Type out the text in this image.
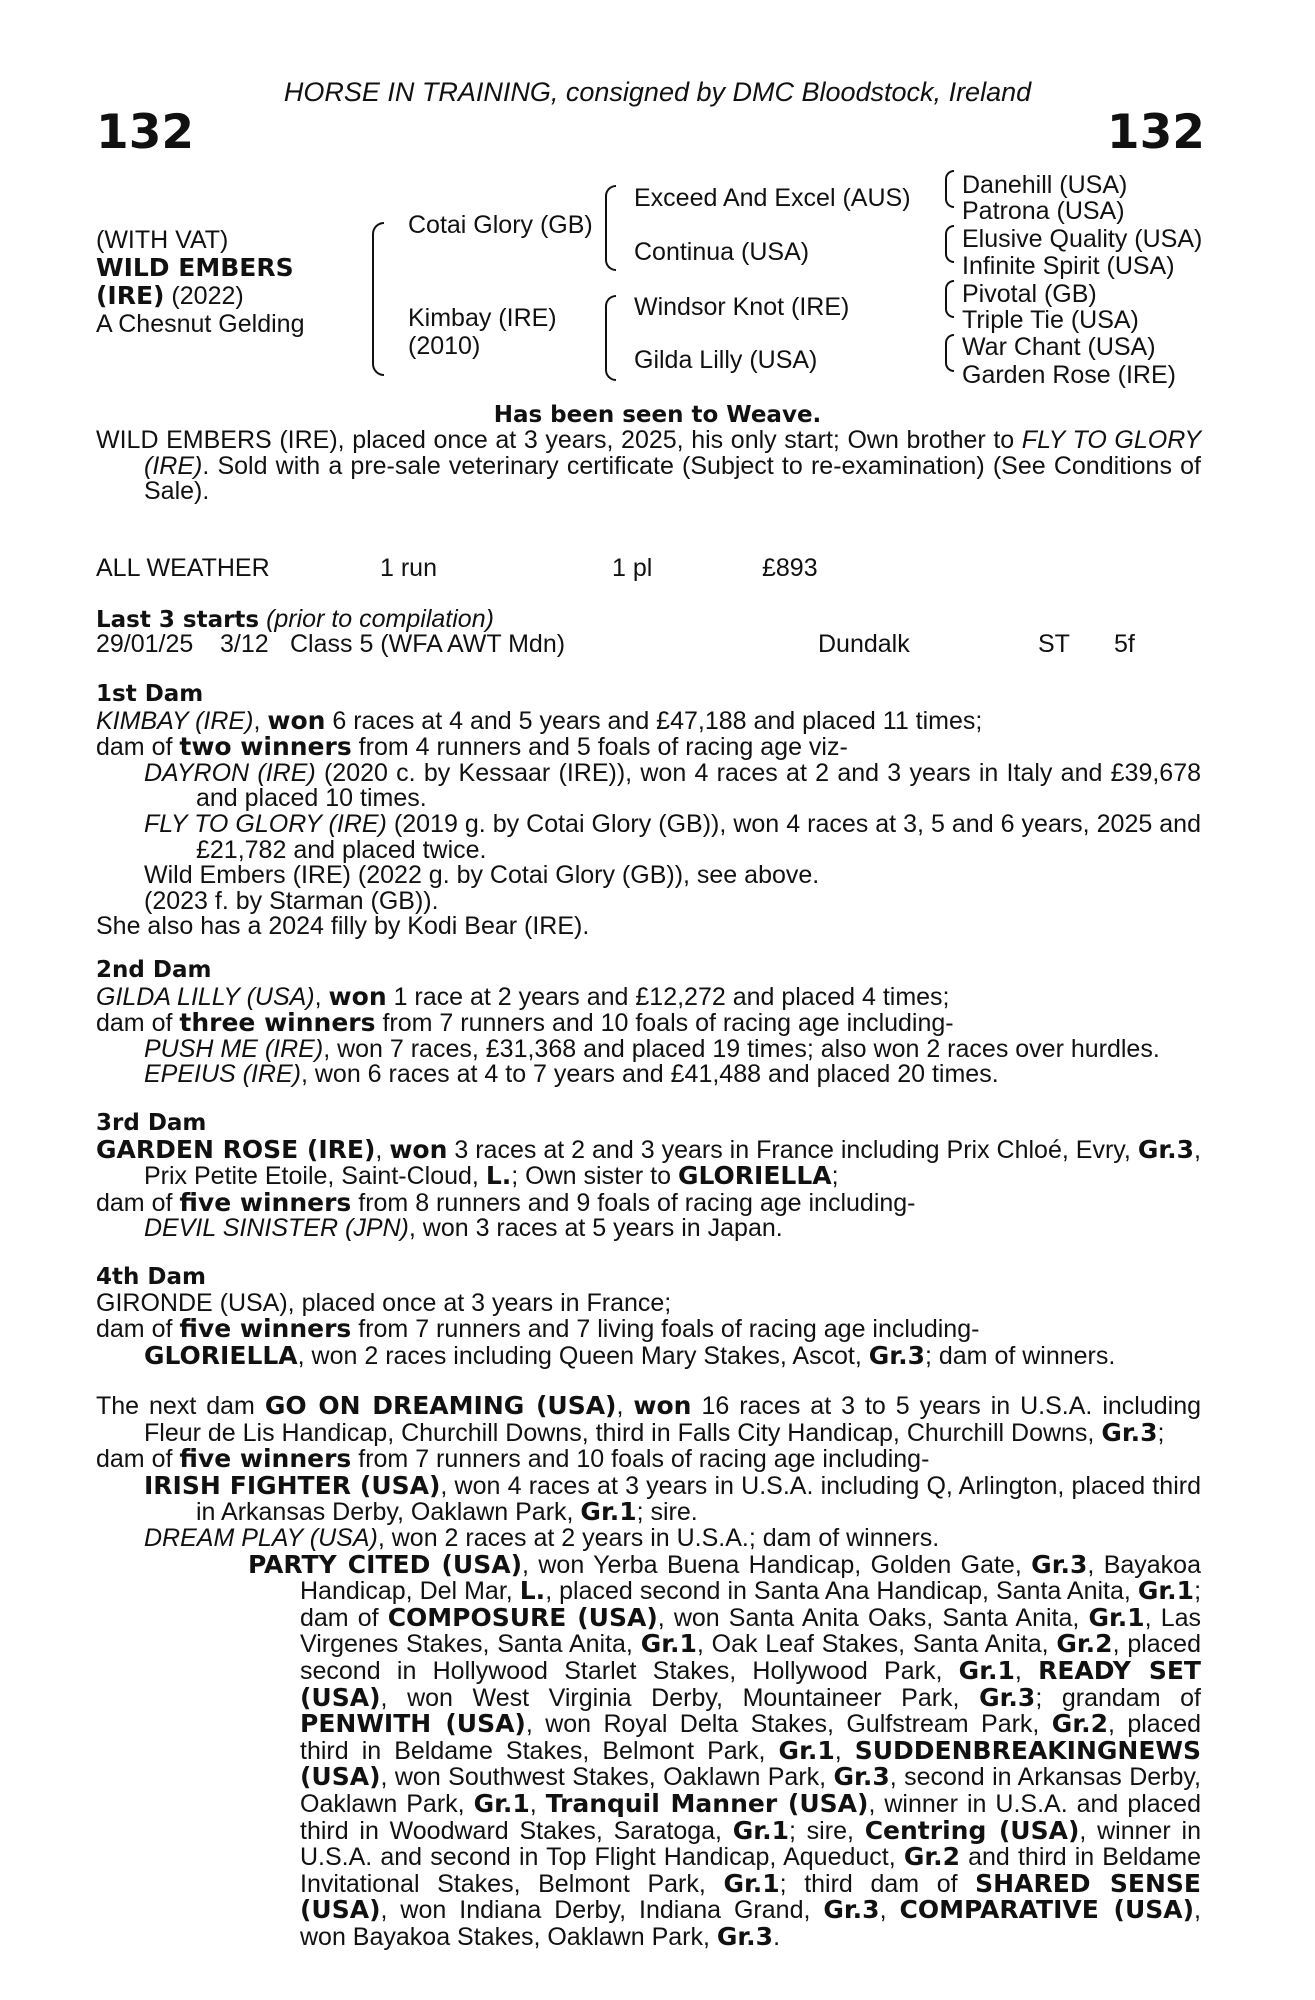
132	132
HORSE IN TRAINING, consigned by DMC Bloodstock, Ireland
(WITH VAT)
WILD EMBERS
(IRE) (2022)
A Chesnut Gelding
Cotai Glory (GB)
Kimbay (IRE)
(2010)
Exceed And Excel (AUS)
Continua (USA)
Windsor Knot (IRE)
Gilda Lilly (USA)
Danehill (USA)
Patrona (USA)
Elusive Quality (USA)
Infinite Spirit (USA)
Pivotal (GB)
Triple Tie (USA)
War Chant (USA)
Garden Rose (IRE)
Has been seen to Weave.

WILD EMBERS (IRE), placed once at 3 years, 2025, his only start; Own brother to FLY TO GLORY (IRE). Sold with a pre-sale veterinary certificate (Subject to re-examination) (See Conditions of Sale).

ALL WEATHER	1 run	1 pl	£893
Last 3 starts (prior to compilation)
29/01/25 3/12 Class 5 (WFA AWT Mdn)	Dundalk	ST 5f
1st Dam

KIMBAY (IRE), won 6 races at 4 and 5 years and £47,188 and placed 11 times;

dam of two winners from 4 runners and 5 foals of racing age viz-

DAYRON (IRE) (2020 c. by Kessaar (IRE)), won 4 races at 2 and 3 years in Italy and £39,678 and placed 10 times.

FLY TO GLORY (IRE) (2019 g. by Cotai Glory (GB)), won 4 races at 3, 5 and 6 years, 2025 and £21,782 and placed twice.

Wild Embers (IRE) (2022 g. by Cotai Glory (GB)), see above.

(2023 f. by Starman (GB)).

She also has a 2024 filly by Kodi Bear (IRE).

2nd Dam

GILDA LILLY (USA), won 1 race at 2 years and £12,272 and placed 4 times;

dam of three winners from 7 runners and 10 foals of racing age including-

PUSH ME (IRE), won 7 races, £31,368 and placed 19 times; also won 2 races over hurdles.

EPEIUS (IRE), won 6 races at 4 to 7 years and £41,488 and placed 20 times.

3rd Dam

GARDEN ROSE (IRE), won 3 races at 2 and 3 years in France including Prix Chloé, Evry, Gr.3, Prix Petite Etoile, Saint-Cloud, L.; Own sister to GLORIELLA;

dam of five winners from 8 runners and 9 foals of racing age including-

DEVIL SINISTER (JPN), won 3 races at 5 years in Japan.

4th Dam

GIRONDE (USA), placed once at 3 years in France;

dam of five winners from 7 runners and 7 living foals of racing age including-

GLORIELLA, won 2 races including Queen Mary Stakes, Ascot, Gr.3; dam of winners.

The next dam GO ON DREAMING (USA), won 16 races at 3 to 5 years in U.S.A. including Fleur de Lis Handicap, Churchill Downs, third in Falls City Handicap, Churchill Downs, Gr.3;

dam of five winners from 7 runners and 10 foals of racing age including-

IRISH FIGHTER (USA), won 4 races at 3 years in U.S.A. including Q, Arlington, placed third in Arkansas Derby, Oaklawn Park, Gr.1; sire.

DREAM PLAY (USA), won 2 races at 2 years in U.S.A.; dam of winners.

PARTY CITED (USA), won Yerba Buena Handicap, Golden Gate, Gr.3, Bayakoa Handicap, Del Mar, L., placed second in Santa Ana Handicap, Santa Anita, Gr.1; dam of COMPOSURE (USA), won Santa Anita Oaks, Santa Anita, Gr.1, Las Virgenes Stakes, Santa Anita, Gr.1, Oak Leaf Stakes, Santa Anita, Gr.2, placed second in Hollywood Starlet Stakes, Hollywood Park, Gr.1, READY SET (USA), won West Virginia Derby, Mountaineer Park, Gr.3; grandam of PENWITH (USA), won Royal Delta Stakes, Gulfstream Park, Gr.2, placed third in Beldame Stakes, Belmont Park, Gr.1, SUDDENBREAKINGNEWS (USA), won Southwest Stakes, Oaklawn Park, Gr.3, second in Arkansas Derby, Oaklawn Park, Gr.1, Tranquil Manner (USA), winner in U.S.A. and placed third in Woodward Stakes, Saratoga, Gr.1; sire, Centring (USA), winner in U.S.A. and second in Top Flight Handicap, Aqueduct, Gr.2 and third in Beldame Invitational Stakes, Belmont Park, Gr.1; third dam of SHARED SENSE (USA), won Indiana Derby, Indiana Grand, Gr.3, COMPARATIVE (USA), won Bayakoa Stakes, Oaklawn Park, Gr.3.
